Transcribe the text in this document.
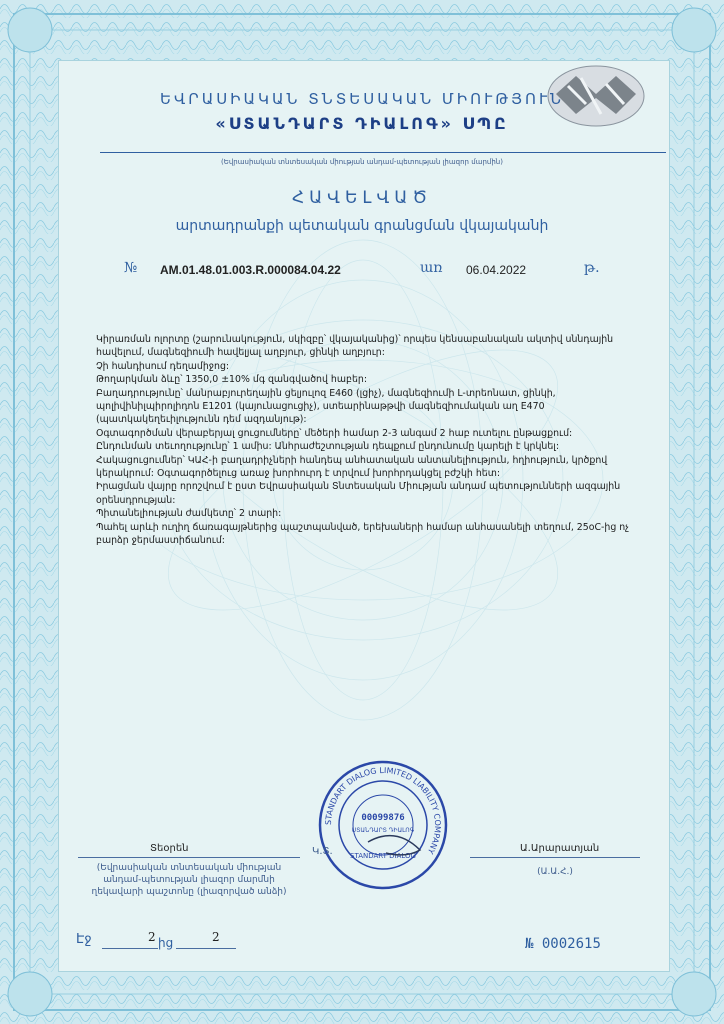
ԵՎՐԱՍԻԱԿԱՆ ՏՆՏԵՍԱԿԱՆ ՄԻՈՒԹՅՈՒՆ
«ՍՏԱՆԴԱՐՏ ԴԻԱԼՈԳ» ՍՊԸ
(Եվրասիական տնտեսական միության անդամ-պետության լիազոր մարմին)
ՀԱՎԵԼՎԱԾ
արտադրանքի պետական գրանցման վկայականի
№ AM.01.48.01.003.R.000084.04.22	առ 06.04.2022	թ.
Կիրառման ոլորտը (շարունակություն, սկիզբը՝ վկայականից)՝ որպես կենսաբանական ակտիվ սննդային
հավելում, մագնեզիումի հավելյալ աղբյուր, ցինկի աղբյուր:
Չի հանդիսում դեղամիջոց:
Թողարկման ձևը՝ 1350,0 ±10% մգ զանգվածով հաբեր:
Բաղադրությունը՝ մանրաբյուրեղային ցելյուլոզ E460 (լցիչ), մագնեզիումի L-տրեոնատ, ցինկի,
պոլիվինիլպիրոլիդոն E1201 (կայունացուցիչ), ստեարինաթթվի մագնեզիումական աղ E470
(պատկակեղեւիլությունն դեմ ազդանյութ):
Օգտագործման վերաբերյալ ցուցումները՝ մեծերի համար 2-3 անգամ 2 հաբ ուտելու ընթացքում:
Ընդունման տեւողությունը՝ 1 ամիս: Անհրաժեշտության դեպքում ընդունումը կարելի է կրկնել:
Հակացուցումներ՝ ԿԱՀ-ի բաղադրիչների հանդեպ անհատական անտանելիություն, հղիություն, կրծքով
կերակրում: Օգտագործելուց առաջ խորհուրդ է տրվում խորհրդակցել բժշկի հետ:
Իրացման վայրը որոշվում է ըստ Եվրասիական Տնտեսական Միության անդամ պետությունների ազգային
օրենսդրության:
Պիտանելիության ժամկետը՝ 2 տարի:
Պահել արևի ուղիղ ճառագայթներից պաշտպանված, երեխաների համար անհասանելի տեղում, 25oC-ից ոչ
բարձր ջերմաստիճանում:
STANDART DIALOG LIMITED LIABILITY COMPANY
00099876
ՍՏԱՆԴԱՐՏ ԴԻԱԼՈԳ
STANDART DIALOG
Տեօրեն	Կ.Տ.	Ա.Արարատյան
(Եվրասիական տնտեսական միության
անդամ-պետության լիազոր մարմնի
ղեկավարի պաշտոնը (լիազորված անձի)
(Ա.Ա.Հ.)
Էջ	2 ից	2	№ 0002615
